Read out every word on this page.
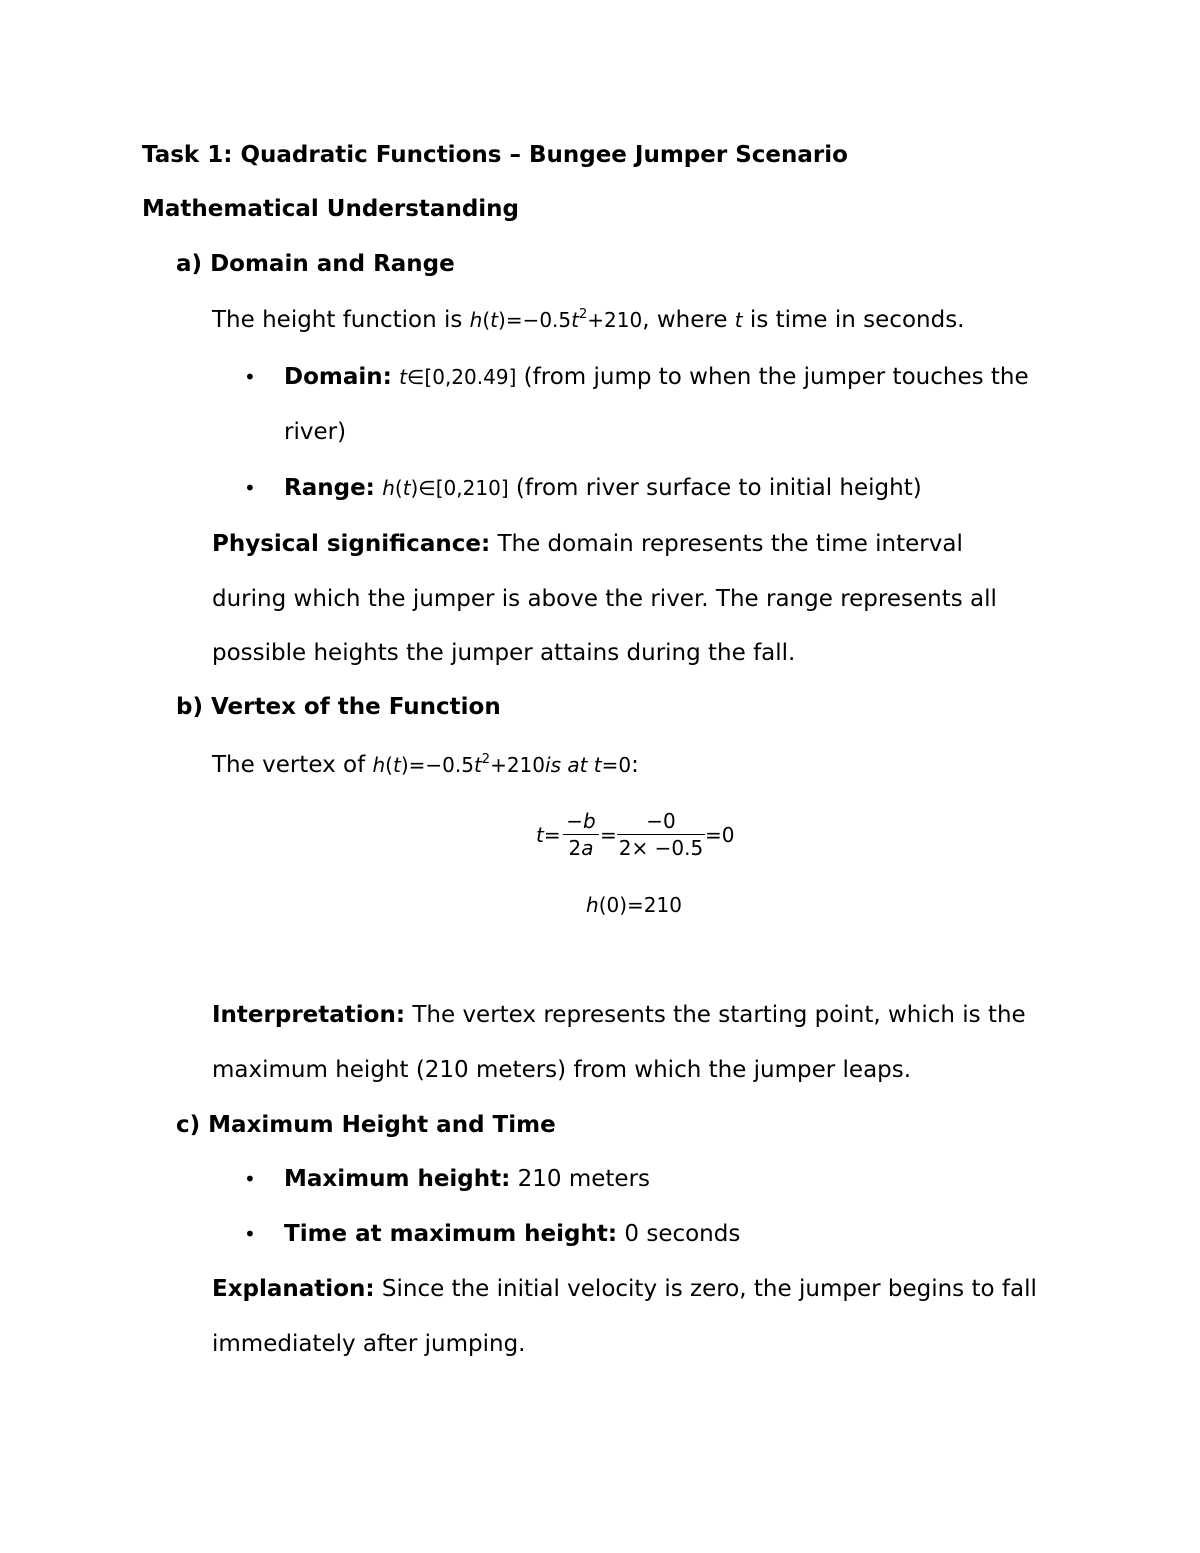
Task 1: Quadratic Functions – Bungee Jumper Scenario
Mathematical Understanding
a) Domain and Range
The height function is $h(t)=-0.5t^2+210$, where t is time in seconds.
• Domain: t∈[0,20.49] (from jump to when the jumper touches the
river)
• Range: h(t)∈[0,210] (from river surface to initial height)
Physical significance: The domain represents the time interval
during which the jumper is above the river. The range represents all
possible heights the jumper attains during the fall.
b) Vertex of the Function
The vertex of $h(t)=-0.5t^2+210is$ at t=0:
t=
−b
2a
=
−0
2× −0.5
=0
h(0)=210
Interpretation: The vertex represents the starting point, which is the
maximum height (210 meters) from which the jumper leaps.
c) Maximum Height and Time
• Maximum height: 210 meters
• Time at maximum height: 0 seconds
Explanation: Since the initial velocity is zero, the jumper begins to fall
immediately after jumping.
